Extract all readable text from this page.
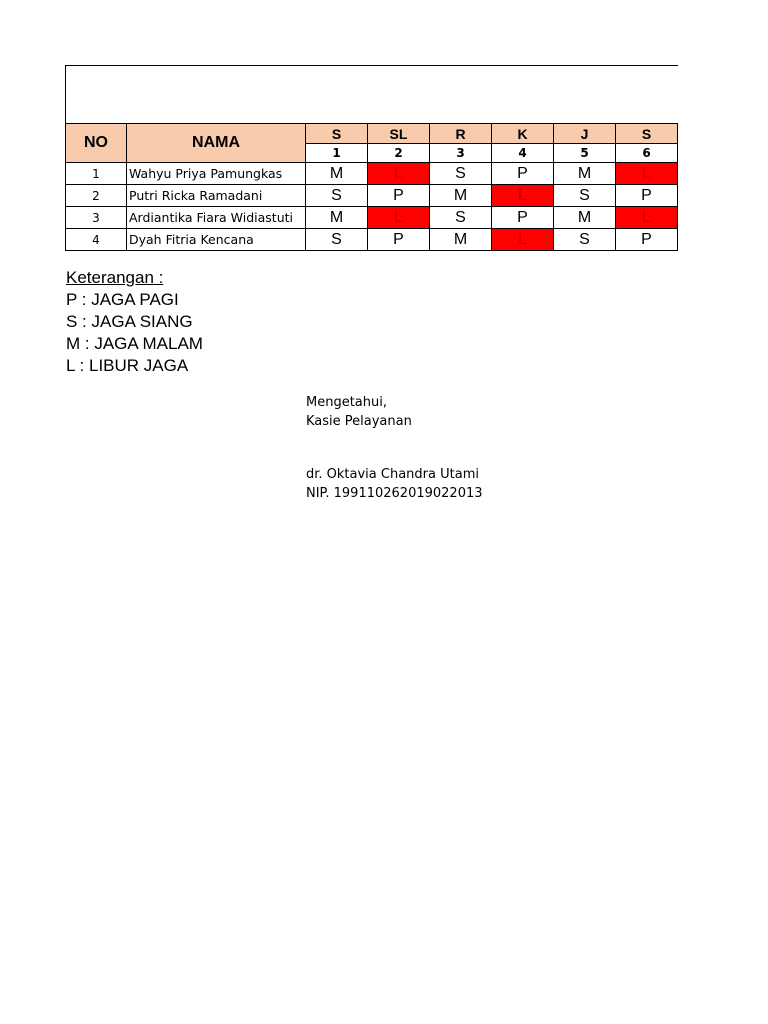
NO	NAMA	S	SL	R	K	J	S
		1	2	3	4	5	6
1	Wahyu Priya Pamungkas	M	L	S	P	M	L
2	Putri Ricka Ramadani	S	P	M	L	S	P
3	Ardiantika Fiara Widiastuti	M	L	S	P	M	L
4	Dyah Fitria Kencana	S	P	M	L	S	P
Keterangan :
P : JAGA PAGI
S : JAGA SIANG
M : JAGA MALAM
L : LIBUR JAGA
Mengetahui,
Kasie Pelayanan
dr. Oktavia Chandra Utami
NIP. 199110262019022013
